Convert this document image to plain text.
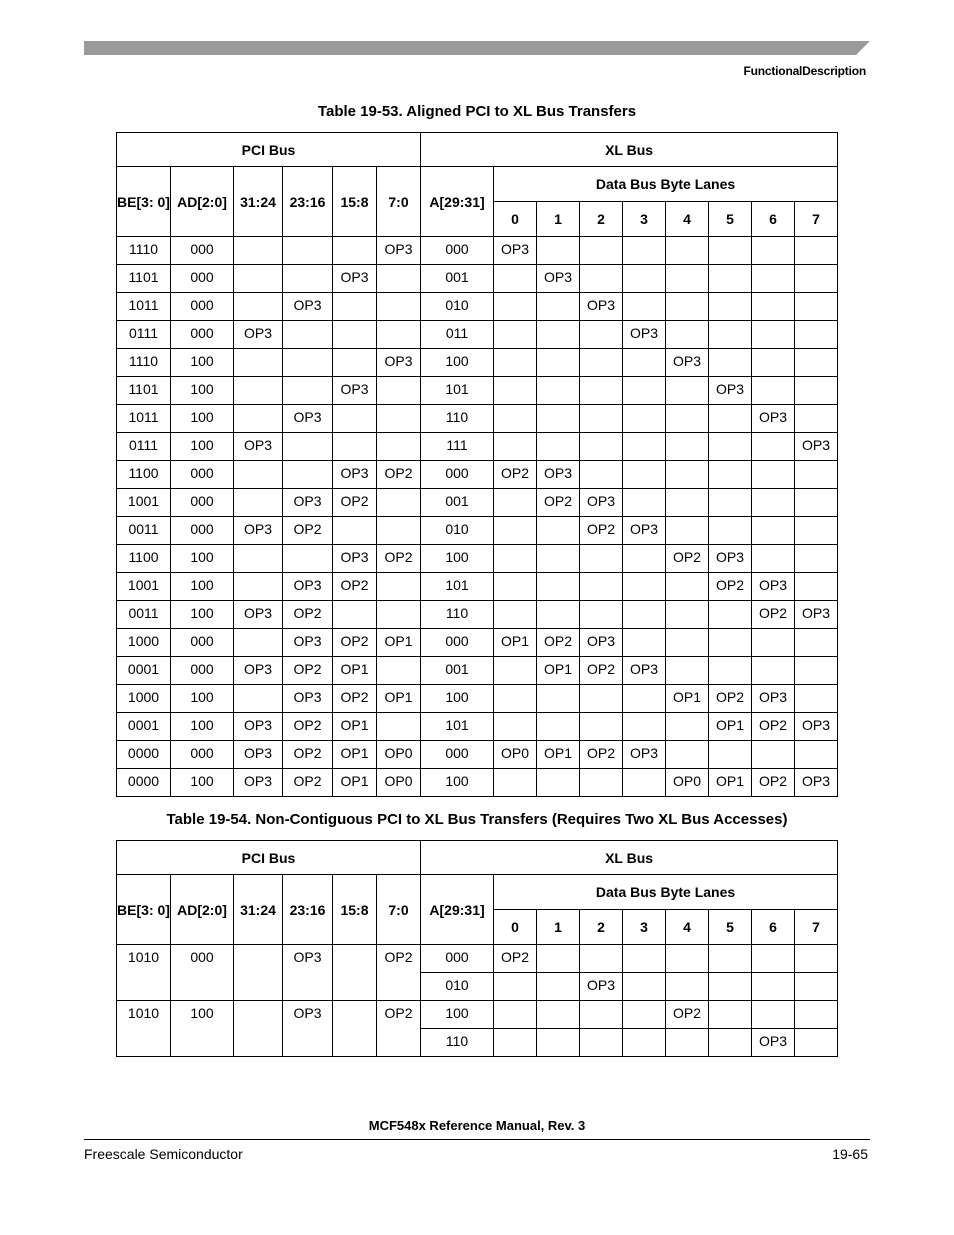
FunctionalDescription
Table 19-53. Aligned PCI to XL Bus Transfers
PCI Bus						XL Bus								
BE[3: 0]	AD[2:0]	31:24	23:16	15:8	7:0	A[29:31]	Data Bus Byte Lanes							
							0	1	2	3	4	5	6	7
1110	000				OP3	000	OP3							
1101	000			OP3		001		OP3						
1011	000		OP3			010			OP3					
0111	000	OP3				011				OP3				
1110	100				OP3	100					OP3			
1101	100			OP3		101						OP3		
1011	100		OP3			110							OP3	
0111	100	OP3				111								OP3
1100	000			OP3	OP2	000	OP2	OP3						
1001	000		OP3	OP2		001		OP2	OP3					
0011	000	OP3	OP2			010			OP2	OP3				
1100	100			OP3	OP2	100					OP2	OP3		
1001	100		OP3	OP2		101						OP2	OP3	
0011	100	OP3	OP2			110							OP2	OP3
1000	000		OP3	OP2	OP1	000	OP1	OP2	OP3					
0001	000	OP3	OP2	OP1		001		OP1	OP2	OP3				
1000	100		OP3	OP2	OP1	100					OP1	OP2	OP3	
0001	100	OP3	OP2	OP1		101						OP1	OP2	OP3
0000	000	OP3	OP2	OP1	OP0	000	OP0	OP1	OP2	OP3				
0000	100	OP3	OP2	OP1	OP0	100					OP0	OP1	OP2	OP3
Table 19-54. Non-Contiguous PCI to XL Bus Transfers (Requires Two XL Bus Accesses)
PCI Bus						XL Bus								
BE[3: 0]	AD[2:0]	31:24	23:16	15:8	7:0	A[29:31]	Data Bus Byte Lanes							
							0	1	2	3	4	5	6	7
1010	000		OP3		OP2	000	OP2							
						010			OP3					
1010	100		OP3		OP2	100					OP2			
						110							OP3	
MCF548x Reference Manual, Rev. 3
Freescale Semiconductor	19-65
